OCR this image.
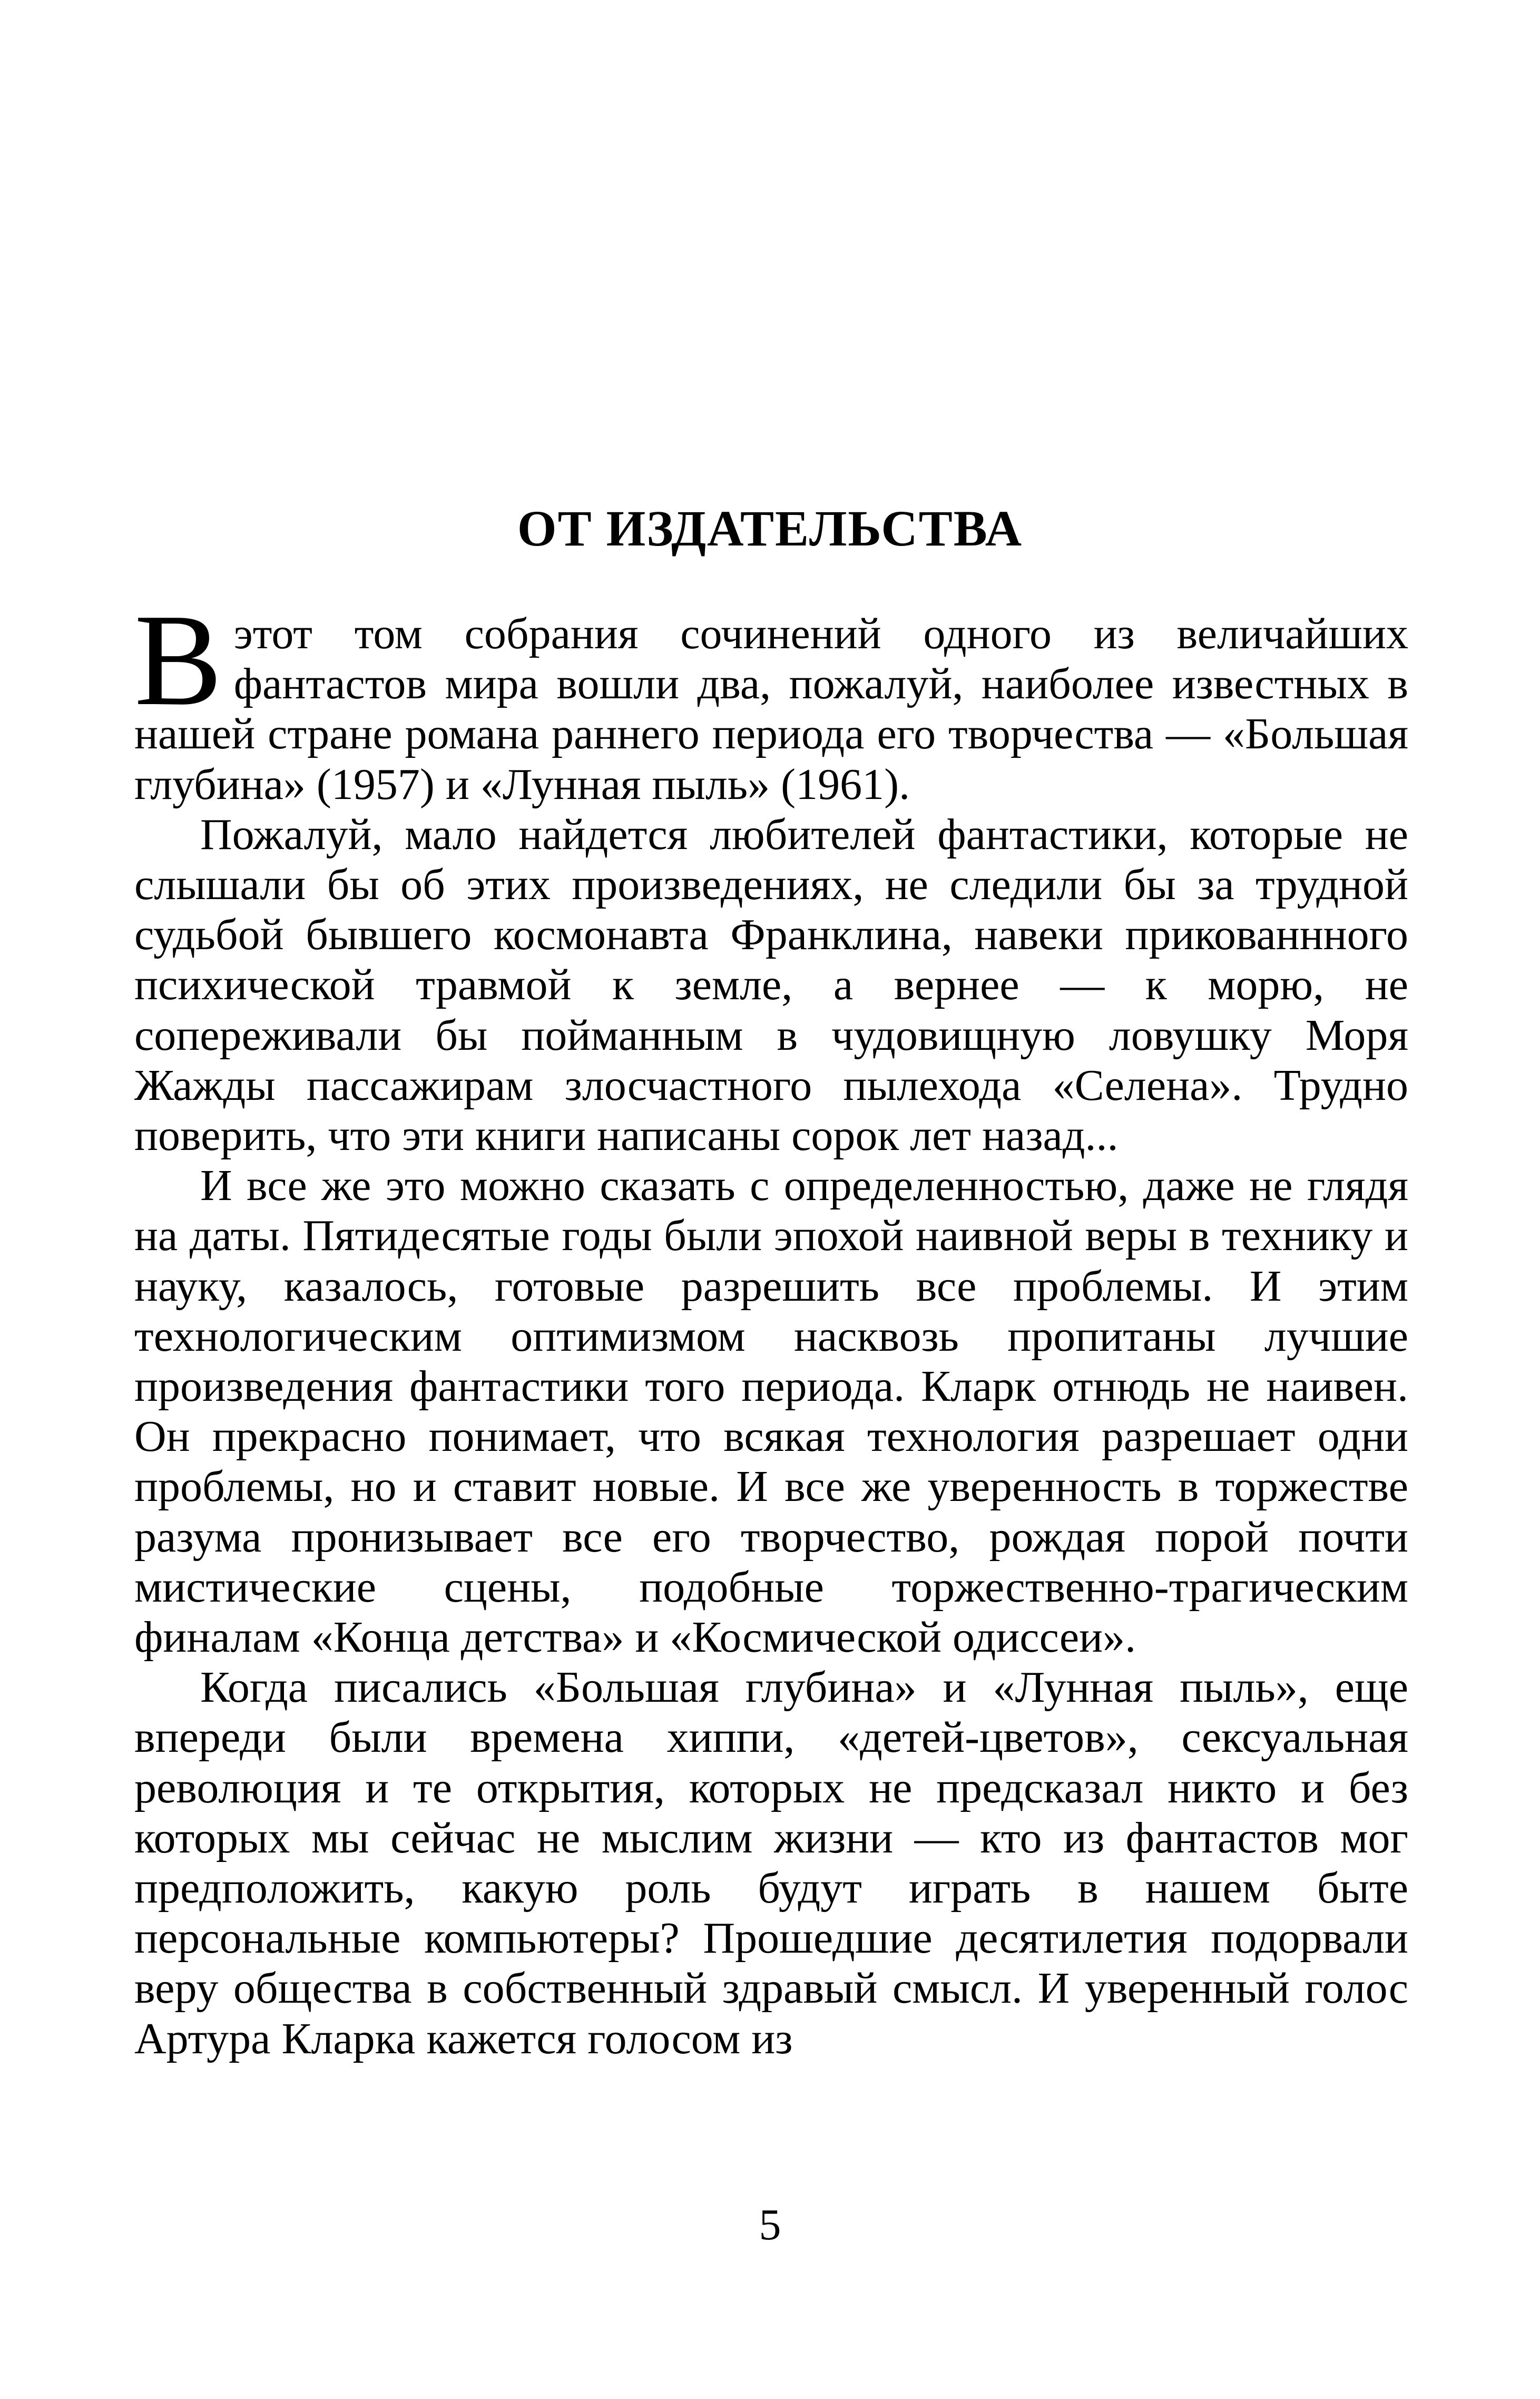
ОТ ИЗДАТЕЛЬСТВА

В этот том собрания сочинений одного из величайших фантастов мира вошли два, пожалуй, наиболее известных в нашей стране романа раннего периода его творчества — «Большая глубина» (1957) и «Лунная пыль» (1961).

Пожалуй, мало найдется любителей фантастики, которые не слышали бы об этих произведениях, не следили бы за трудной судьбой бывшего космонавта Франклина, навеки прикованнного психической травмой к земле, а вернее — к морю, не сопереживали бы пойманным в чудовищную ловушку Моря Жажды пассажирам злосчастного пылехода «Селена». Трудно поверить, что эти книги написаны сорок лет назад...

И все же это можно сказать с определенностью, даже не глядя на даты. Пятидесятые годы были эпохой наивной веры в технику и науку, казалось, готовые разрешить все проблемы. И этим технологическим оптимизмом насквозь пропитаны лучшие произведения фантастики того периода. Кларк отнюдь не наивен. Он прекрасно понимает, что всякая технология разрешает одни проблемы, но и ставит новые. И все же уверенность в торжестве разума пронизывает все его творчество, рождая порой почти мистические сцены, подобные торжественно-трагическим финалам «Конца детства» и «Космической одиссеи».

Когда писались «Большая глубина» и «Лунная пыль», еще впереди были времена хиппи, «детей-цветов», сексуальная революция и те открытия, которых не предсказал никто и без которых мы сейчас не мыслим жизни — кто из фантастов мог предположить, какую роль будут играть в нашем быте персональные компьютеры? Прошедшие десятилетия подорвали веру общества в собственный здравый смысл. И уверенный голос Артура Кларка кажется голосом из

5
